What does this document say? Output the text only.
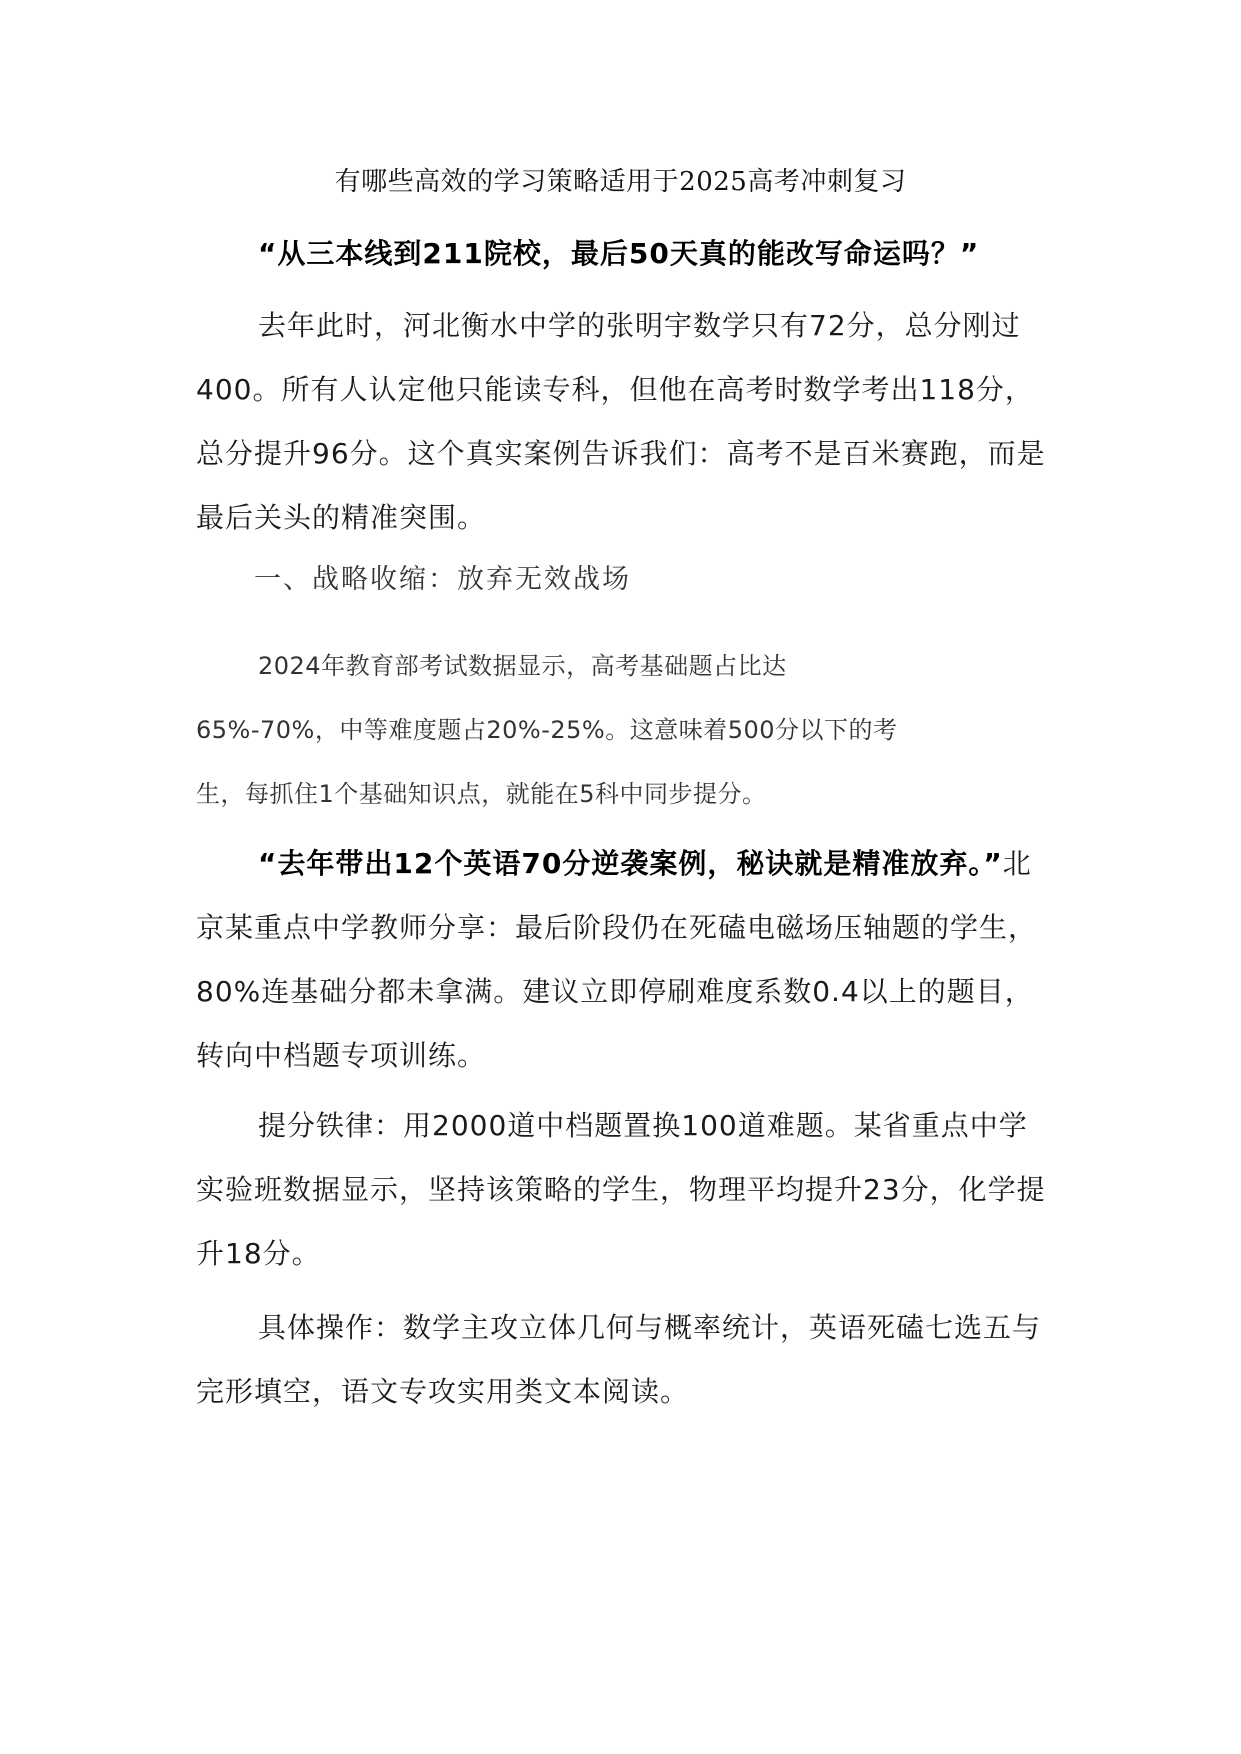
有哪些高效的学习策略适用于2025高考冲刺复习

“从三本线到211院校，最后50天真的能改写命运吗？”

去年此时，河北衡水中学的张明宇数学只有72分，总分刚过400。所有人认定他只能读专科，但他在高考时数学考出118分，总分提升96分。这个真实案例告诉我们：高考不是百米赛跑，而是最后关头的精准突围。

一、战略收缩：放弃无效战场

2024年教育部考试数据显示，高考基础题占比达
65%-70%，中等难度题占20%-25%。这意味着500分以下的考
生，每抓住1个基础知识点，就能在5科中同步提分。

“去年带出12个英语70分逆袭案例，秘诀就是精准放弃。”北京某重点中学教师分享：最后阶段仍在死磕电磁场压轴题的学生，80%连基础分都未拿满。建议立即停刷难度系数0.4以上的题目，转向中档题专项训练。

提分铁律：用2000道中档题置换100道难题。某省重点中学实验班数据显示，坚持该策略的学生，物理平均提升23分，化学提升18分。

具体操作：数学主攻立体几何与概率统计，英语死磕七选五与完形填空，语文专攻实用类文本阅读。
